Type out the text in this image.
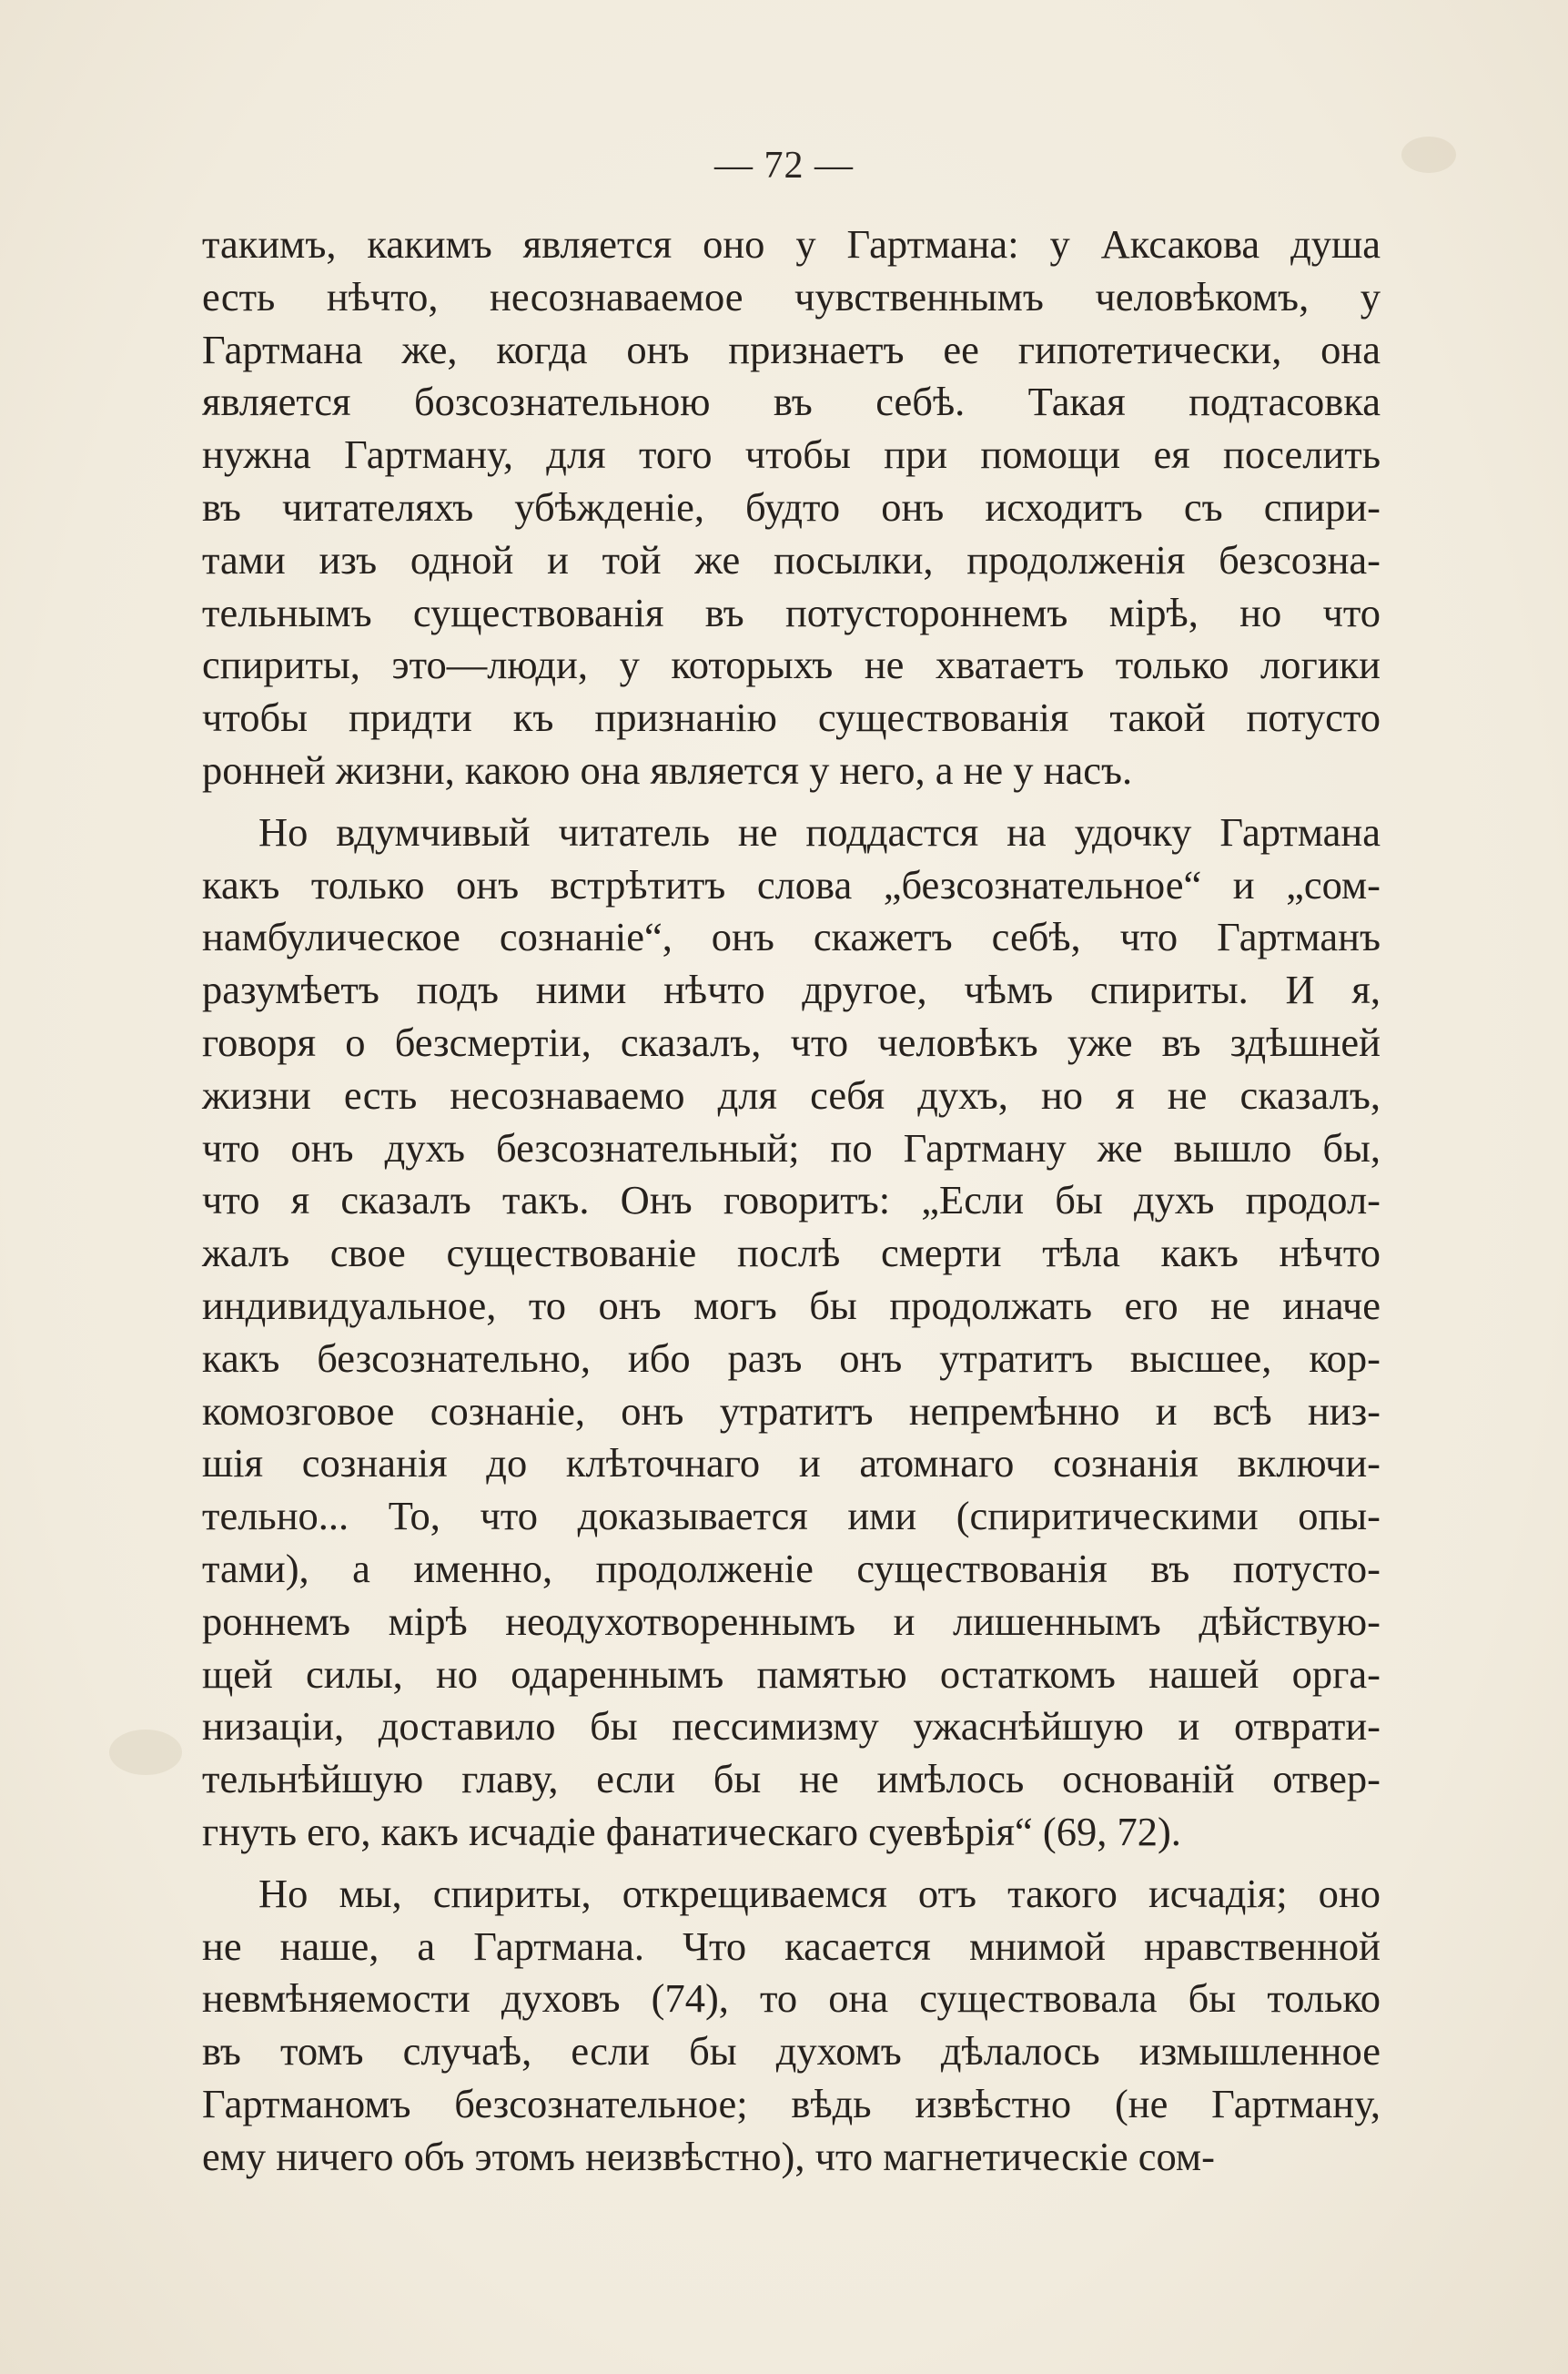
— 72 —
такимъ, какимъ является оно у Гартмана: у Аксакова душа
есть нѣчто, несознаваемое чувственнымъ человѣкомъ, у
Гартмана же, когда онъ признаетъ ее гипотетически, она
является бозсознательною въ себѣ. Такая подтасовка
нужна Гартману, для того чтобы при помощи ея поселить
въ читателяхъ убѣжденіе, будто онъ исходитъ съ спири-
тами изъ одной и той же посылки, продолженія безсозна-
тельнымъ существованія въ потустороннемъ мірѣ, но что
спириты, это—люди, у которыхъ не хватаетъ только логики
чтобы придти къ признанію существованія такой потусто
ронней жизни, какою она является у него, а не у насъ.
Но вдумчивый читатель не поддастся на удочку Гартмана
какъ только онъ встрѣтитъ слова „безсознательное“ и „сом-
намбулическое сознаніе“, онъ скажетъ себѣ, что Гартманъ
разумѣетъ подъ ними нѣчто другое, чѣмъ спириты. И я,
говоря о безсмертіи, сказалъ, что человѣкъ уже въ здѣшней
жизни есть несознаваемо для себя духъ, но я не сказалъ,
что онъ духъ безсознательный; по Гартману же вышло бы,
что я сказалъ такъ. Онъ говоритъ: „Если бы духъ продол-
жалъ свое существованіе послѣ смерти тѣла какъ нѣчто
индивидуальное, то онъ могъ бы продолжать его не иначе
какъ безсознательно, ибо разъ онъ утратитъ высшее, кор-
комозговое сознаніе, онъ утратитъ непремѣнно и всѣ низ-
шія сознанія до клѣточнаго и атомнаго сознанія включи-
тельно... То, что доказывается ими (спиритическими опы-
тами), а именно, продолженіе существованія въ потусто-
роннемъ мірѣ неодухотвореннымъ и лишеннымъ дѣйствую-
щей силы, но одареннымъ памятью остаткомъ нашей орга-
низаціи, доставило бы пессимизму ужаснѣйшую и отврати-
тельнѣйшую главу, если бы не имѣлось основаній отвер-
гнуть его, какъ исчадіе фанатическаго суевѣрія“ (69, 72).
Но мы, спириты, открещиваемся отъ такого исчадія; оно
не наше, а Гартмана. Что касается мнимой нравственной
невмѣняемости духовъ (74), то она существовала бы только
въ томъ случаѣ, если бы духомъ дѣлалось измышленное
Гартманомъ безсознательное; вѣдь извѣстно (не Гартману,
ему ничего объ этомъ неизвѣстно), что магнетическіе сом-
